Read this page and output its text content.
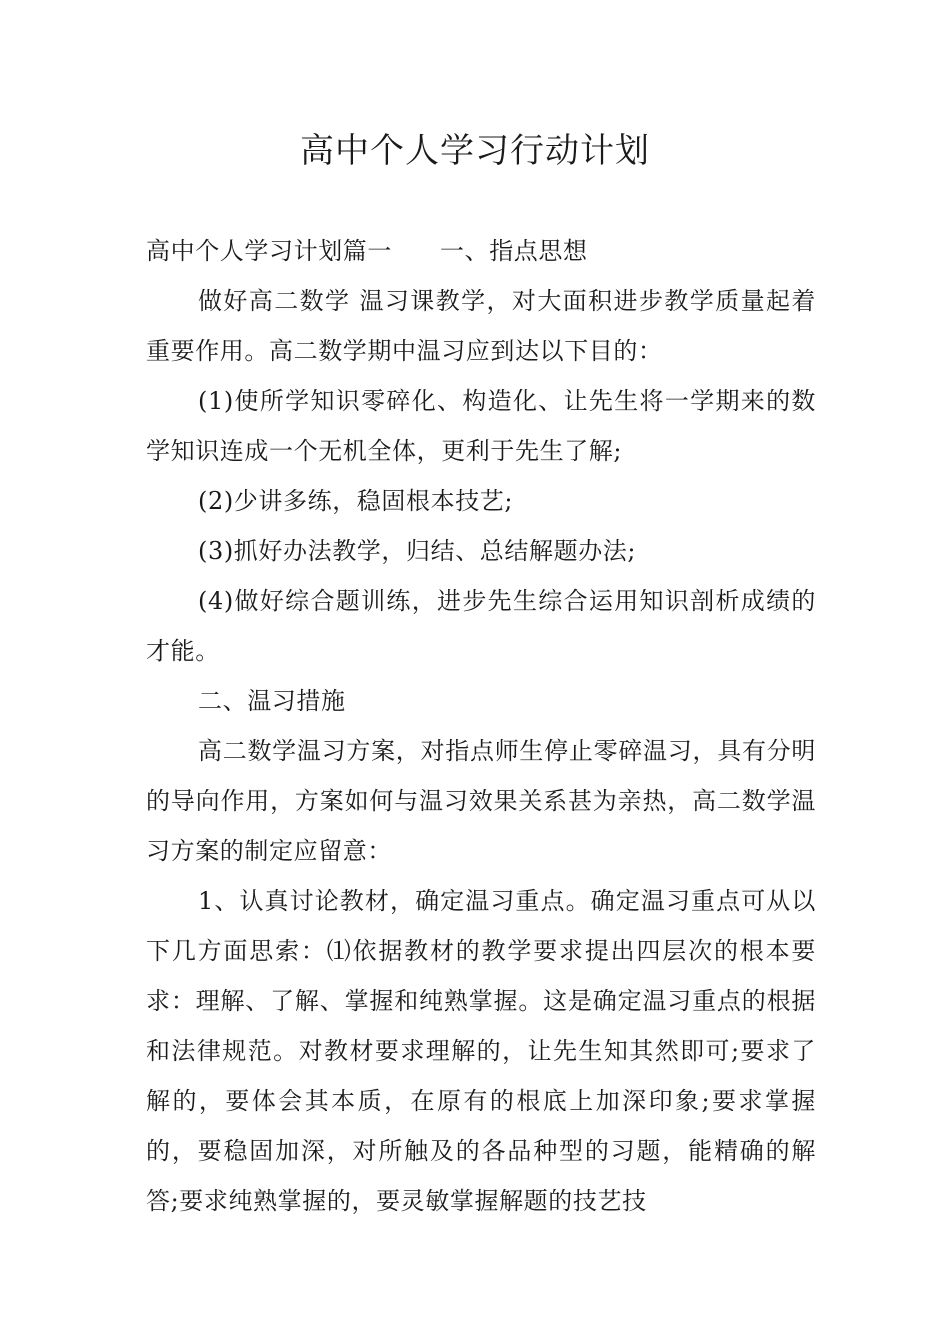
高中个人学习行动计划

高中个人学习计划篇一 一、指点思想

做好高二数学 温习课教学，对大面积进步教学质量起着重要作用。高二数学期中温习应到达以下目的：

(1)使所学知识零碎化、构造化、让先生将一学期来的数学知识连成一个无机全体，更利于先生了解;

(2)少讲多练，稳固根本技艺;

(3)抓好办法教学，归结、总结解题办法;

(4)做好综合题训练，进步先生综合运用知识剖析成绩的才能。

二、温习措施

高二数学温习方案，对指点师生停止零碎温习，具有分明的导向作用，方案如何与温习效果关系甚为亲热，高二数学温习方案的制定应留意：

1、认真讨论教材，确定温习重点。确定温习重点可从以下几方面思索：⑴依据教材的教学要求提出四层次的根本要求：理解、了解、掌握和纯熟掌握。这是确定温习重点的根据和法律规范。对教材要求理解的，让先生知其然即可;要求了解的，要体会其本质，在原有的根底上加深印象;要求掌握的，要稳固加深，对所触及的各品种型的习题，能精确的解答;要求纯熟掌握的，要灵敏掌握解题的技艺技
